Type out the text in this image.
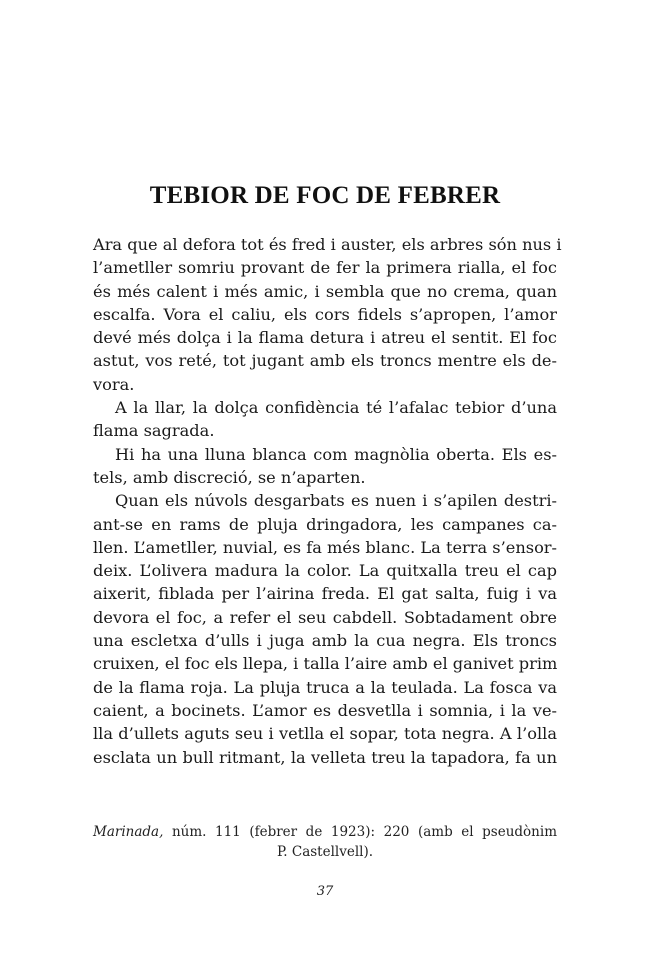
TEBIOR DE FOC DE FEBRER
Ara que al defora tot és fred i auster, els arbres són nus i
l’ametller somriu provant de fer la primera rialla, el foc
és més calent i més amic, i sembla que no crema, quan
escalfa. Vora el caliu, els cors fidels s’apropen, l’amor
devé més dolça i la flama detura i atreu el sentit. El foc
astut, vos reté, tot jugant amb els troncs mentre els de-
vora.
A la llar, la dolça confidència té l’afalac tebior d’una
flama sagrada.
Hi ha una lluna blanca com magnòlia oberta. Els es-
tels, amb discreció, se n’aparten.
Quan els núvols desgarbats es nuen i s’apilen destri-
ant-se en rams de pluja dringadora, les campanes ca-
llen. L’ametller, nuvial, es fa més blanc. La terra s’ensor-
deix. L’olivera madura la color. La quitxalla treu el cap
aixerit, fiblada per l’airina freda. El gat salta, fuig i va
devora el foc, a refer el seu cabdell. Sobtadament obre
una escletxa d’ulls i juga amb la cua negra. Els troncs
cruixen, el foc els llepa, i talla l’aire amb el ganivet prim
de la flama roja. La pluja truca a la teulada. La fosca va
caient, a bocinets. L’amor es desvetlla i somnia, i la ve-
lla d’ullets aguts seu i vetlla el sopar, tota negra. A l’olla
esclata un bull ritmant, la velleta treu la tapadora, fa un
Marinada, núm. 111 (febrer de 1923): 220 (amb el pseudònim
P. Castellvell).
37
